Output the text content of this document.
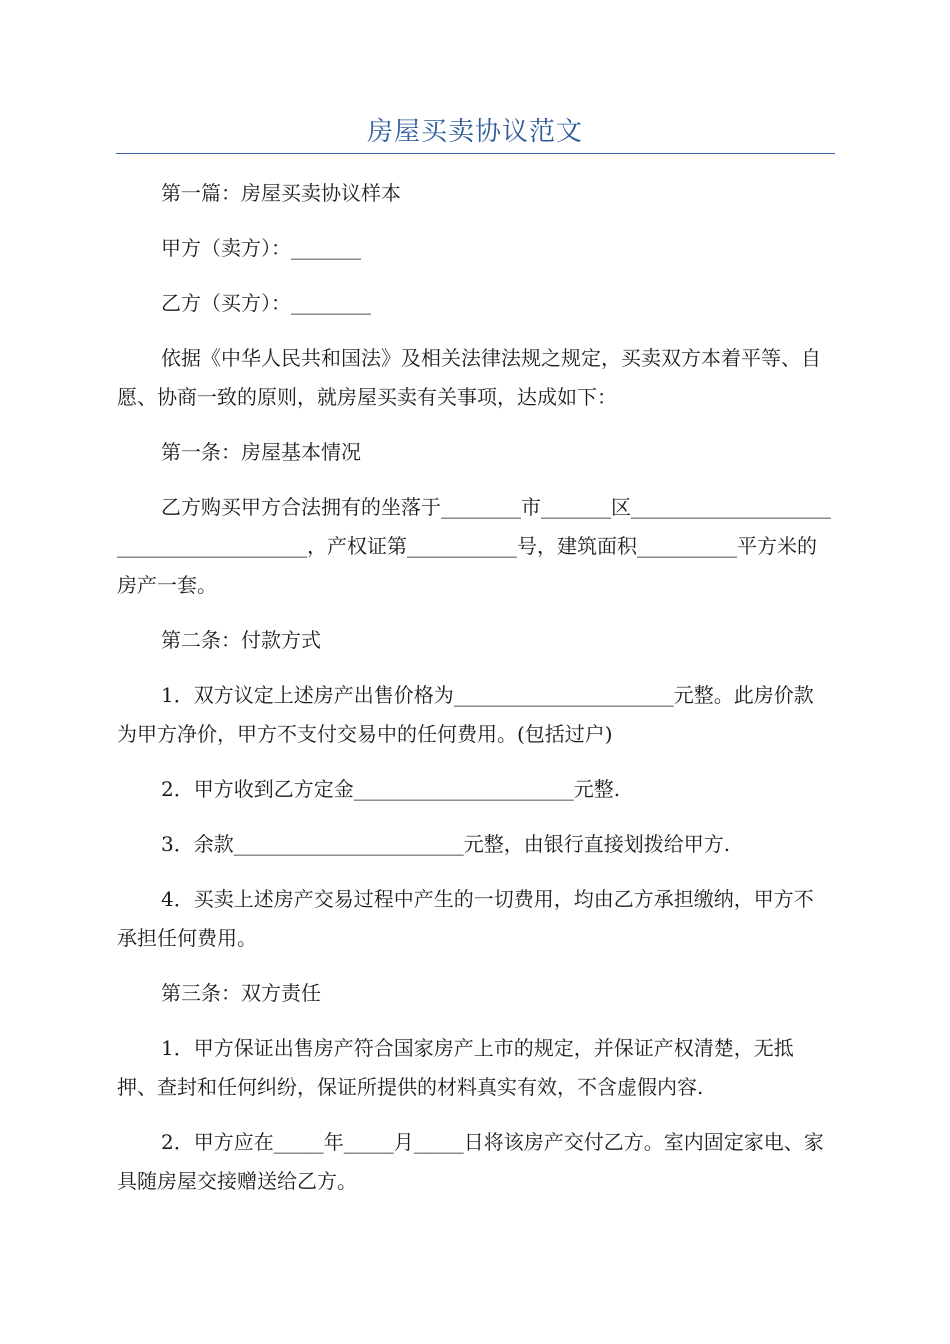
房屋买卖协议范文

第一篇：房屋买卖协议样本

甲方（卖方）：_______

乙方（买方）：________

依据《中华人民共和国法》及相关法律法规之规定，买卖双方本着平等、自愿、协商一致的原则，就房屋买卖有关事项，达成如下：

第一条：房屋基本情况

乙方购买甲方合法拥有的坐落于________市_______区_______________________________________，产权证第___________号，建筑面积__________平方米的房产一套。

第二条：付款方式

1．双方议定上述房产出售价格为______________________元整。此房价款为甲方净价，甲方不支付交易中的任何费用。(包括过户)

2．甲方收到乙方定金______________________元整.

3．余款_______________________元整，由银行直接划拨给甲方.

4．买卖上述房产交易过程中产生的一切费用，均由乙方承担缴纳，甲方不承担任何费用。

第三条：双方责任

1．甲方保证出售房产符合国家房产上市的规定，并保证产权清楚，无抵押、查封和任何纠纷，保证所提供的材料真实有效，不含虚假内容.

2．甲方应在_____年_____月_____日将该房产交付乙方。室内固定家电、家具随房屋交接赠送给乙方。
